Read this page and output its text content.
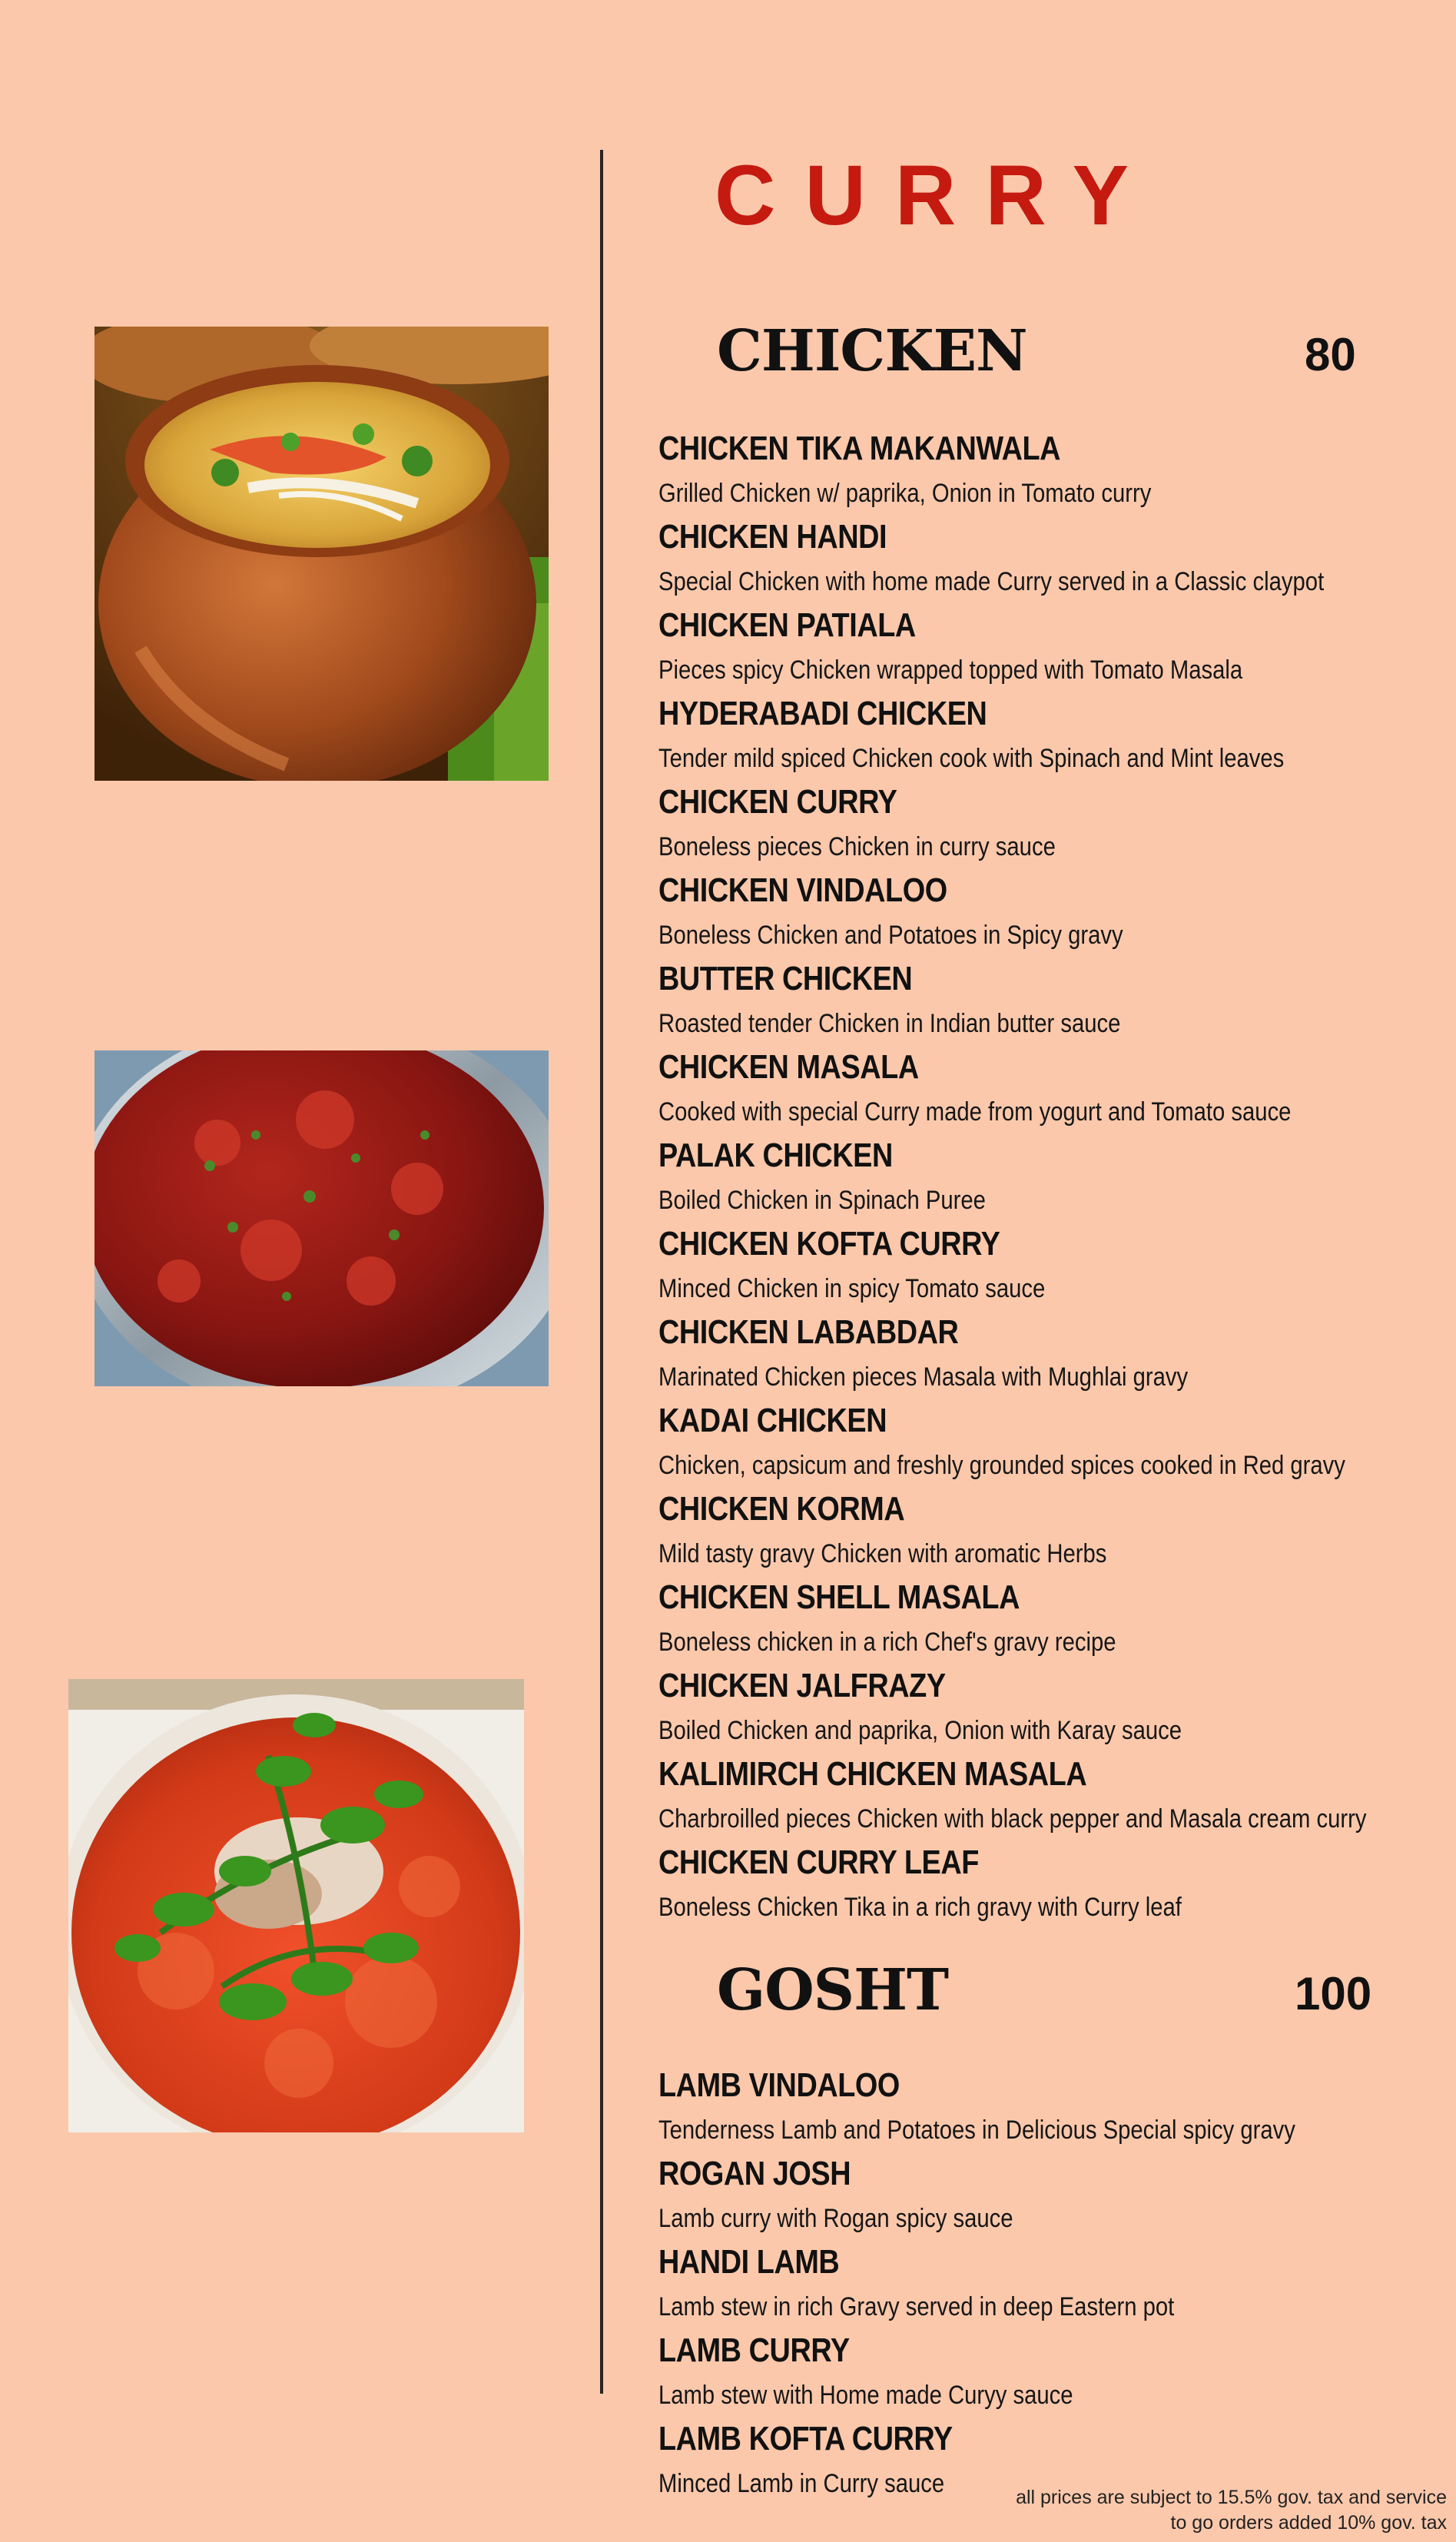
CURRY
CHICKEN	80
CHICKEN TIKA MAKANWALA
Grilled Chicken w/ paprika, Onion in Tomato curry
CHICKEN HANDI
Special Chicken with home made Curry served in a Classic claypot
CHICKEN PATIALA
Pieces spicy Chicken wrapped topped with Tomato Masala
HYDERABADI CHICKEN
Tender mild spiced Chicken cook with Spinach and Mint leaves
CHICKEN CURRY
Boneless pieces Chicken in curry sauce
CHICKEN VINDALOO
Boneless Chicken and Potatoes in Spicy gravy
BUTTER CHICKEN
Roasted tender Chicken in Indian butter sauce
CHICKEN MASALA
Cooked with special Curry made from yogurt and Tomato sauce
PALAK CHICKEN
Boiled Chicken in Spinach Puree
CHICKEN KOFTA CURRY
Minced Chicken in spicy Tomato sauce
CHICKEN LABABDAR
Marinated Chicken pieces Masala with Mughlai gravy
KADAI CHICKEN
Chicken, capsicum and freshly grounded spices cooked in Red gravy
CHICKEN KORMA
Mild tasty gravy Chicken with aromatic Herbs
CHICKEN SHELL MASALA
Boneless chicken in a rich Chef's gravy recipe
CHICKEN JALFRAZY
Boiled Chicken and paprika, Onion with Karay sauce
KALIMIRCH CHICKEN MASALA
Charbroilled pieces Chicken with black pepper and Masala cream curry
CHICKEN CURRY LEAF
Boneless Chicken Tika in a rich gravy with Curry leaf
GOSHT	100
LAMB VINDALOO
Tenderness Lamb and Potatoes in Delicious Special spicy gravy
ROGAN JOSH
Lamb curry with Rogan spicy sauce
HANDI LAMB
Lamb stew in rich Gravy served in deep Eastern pot
LAMB CURRY
Lamb stew with Home made Curyy sauce
LAMB KOFTA CURRY
Minced Lamb in Curry sauce	all prices are subject to 15.5% gov. tax and service
to go orders added 10% gov. tax
